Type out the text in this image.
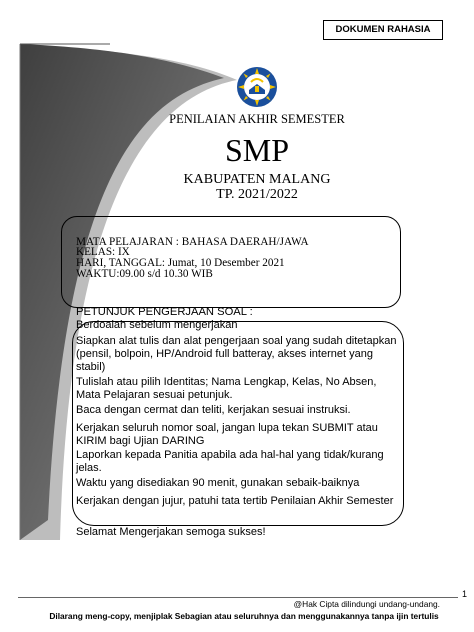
DOKUMEN RAHASIA
PENILAIAN AKHIR SEMESTER
SMP
KABUPATEN MALANG
TP. 2021/2022
MATA PELAJARAN : BAHASA DAERAH/JAWA
KELAS: IX
HARI, TANGGAL: Jumat, 10 Desember 2021
WAKTU:09.00 s/d 10.30 WIB
PETUNJUK PENGERJAAN SOAL :
Berdoalah sebelum mengerjakan
Siapkan alat tulis dan alat pengerjaan soal yang sudah ditetapkan (pensil, bolpoin, HP/Android full batteray, akses internet yang stabil)
Tulislah atau pilih Identitas; Nama Lengkap, Kelas, No Absen, Mata Pelajaran sesuai petunjuk.
Baca dengan cermat dan teliti, kerjakan sesuai instruksi.
Kerjakan seluruh nomor soal, jangan lupa tekan SUBMIT atau KIRIM bagi Ujian DARING
Laporkan kepada Panitia apabila ada hal-hal yang tidak/kurang jelas.
Waktu yang disediakan 90 menit, gunakan sebaik-baiknya
Kerjakan dengan jujur, patuhi tata tertib Penilaian Akhir Semester
Selamat Mengerjakan semoga sukses!
1
@Hak Cipta dilindungi undang-undang.
Dilarang meng-copy, menjiplak Sebagian atau seluruhnya dan menggunakannya tanpa ijin tertulis
